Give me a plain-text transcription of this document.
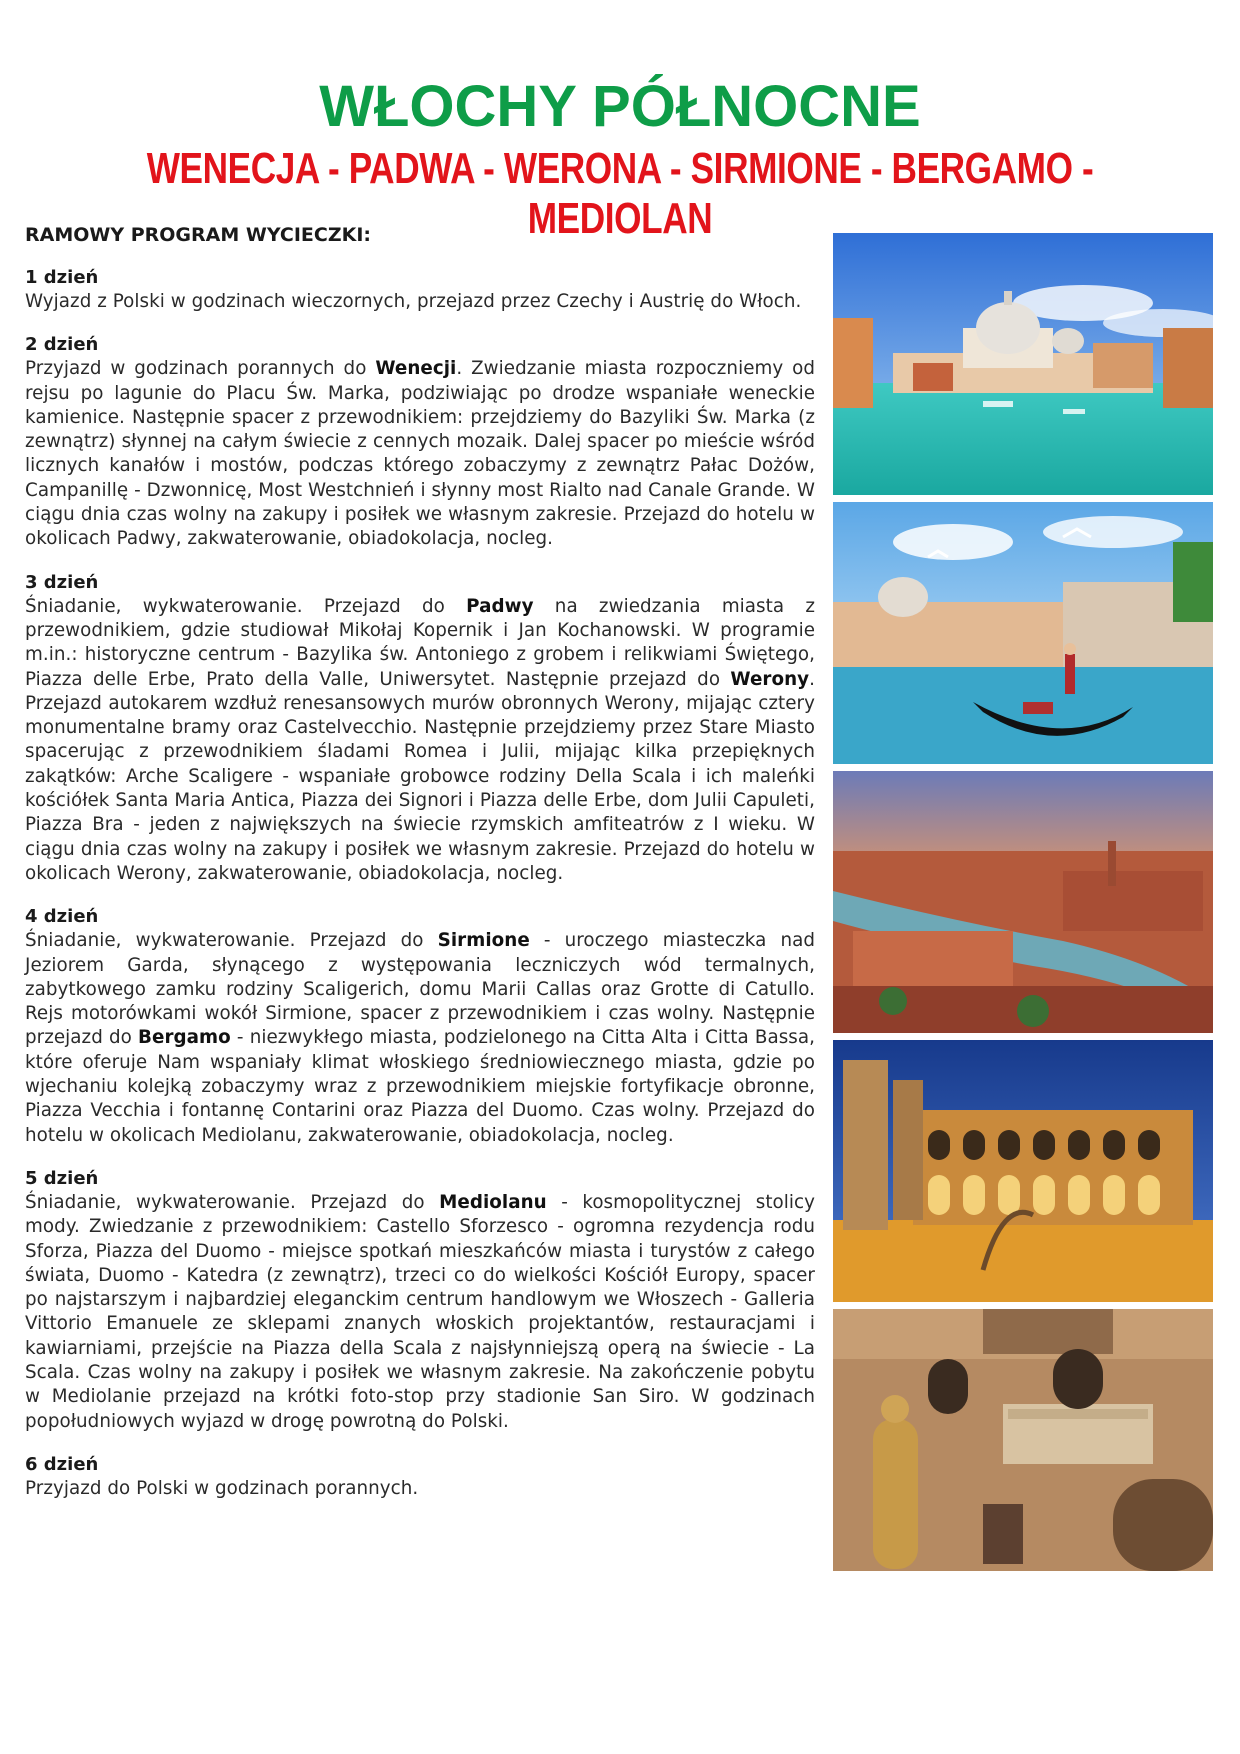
WŁOCHY PÓŁNOCNE
WENECJA - PADWA - WERONA - SIRMIONE - BERGAMO - MEDIOLAN

RAMOWY PROGRAM WYCIECZKI:

1 dzień

Wyjazd z Polski w godzinach wieczornych, przejazd przez Czechy i Austrię do Włoch.

2 dzień

Przyjazd w godzinach porannych do Wenecji. Zwiedzanie miasta rozpoczniemy od rejsu po lagunie do Placu Św. Marka, podziwiając po drodze wspaniałe weneckie kamienice. Następnie spacer z przewodnikiem: przejdziemy do Bazyliki Św. Marka (z zewnątrz) słynnej na całym świecie z cennych mozaik. Dalej spacer po mieście wśród licznych kanałów i mostów, podczas którego zobaczymy z zewnątrz Pałac Dożów, Campanillę - Dzwonnicę, Most Westchnień i słynny most Rialto nad Canale Grande. W ciągu dnia czas wolny na zakupy i posiłek we własnym zakresie. Przejazd do hotelu w okolicach Padwy, zakwaterowanie, obiadokolacja, nocleg.

3 dzień

Śniadanie, wykwaterowanie. Przejazd do Padwy na zwiedzania miasta z przewodnikiem, gdzie studiował Mikołaj Kopernik i Jan Kochanowski. W programie m.in.: historyczne centrum - Bazylika św. Antoniego z grobem i relikwiami Świętego, Piazza delle Erbe, Prato della Valle, Uniwersytet. Następnie przejazd do Werony. Przejazd autokarem wzdłuż renesansowych murów obronnych Werony, mijając cztery monumentalne bramy oraz Castelvecchio. Następnie przejdziemy przez Stare Miasto spacerując z przewodnikiem śladami Romea i Julii, mijając kilka przepięknych zakątków: Arche Scaligere - wspaniałe grobowce rodziny Della Scala i ich maleńki kościółek Santa Maria Antica, Piazza dei Signori i Piazza delle Erbe, dom Julii Capuleti, Piazza Bra - jeden z największych na świecie rzymskich amfiteatrów z I wieku. W ciągu dnia czas wolny na zakupy i posiłek we własnym zakresie. Przejazd do hotelu w okolicach Werony, zakwaterowanie, obiadokolacja, nocleg.

4 dzień

Śniadanie, wykwaterowanie. Przejazd do Sirmione - uroczego miasteczka nad Jeziorem Garda, słynącego z występowania leczniczych wód termalnych, zabytkowego zamku rodziny Scaligerich, domu Marii Callas oraz Grotte di Catullo. Rejs motorówkami wokół Sirmione, spacer z przewodnikiem i czas wolny. Następnie przejazd do Bergamo - niezwykłego miasta, podzielonego na Citta Alta i Citta Bassa, które oferuje Nam wspaniały klimat włoskiego średniowiecznego miasta, gdzie po wjechaniu kolejką zobaczymy wraz z przewodnikiem miejskie fortyfikacje obronne, Piazza Vecchia i fontannę Contarini oraz Piazza del Duomo. Czas wolny. Przejazd do hotelu w okolicach Mediolanu, zakwaterowanie, obiadokolacja, nocleg.

5 dzień

Śniadanie, wykwaterowanie. Przejazd do Mediolanu - kosmopolitycznej stolicy mody. Zwiedzanie z przewodnikiem: Castello Sforzesco - ogromna rezydencja rodu Sforza, Piazza del Duomo - miejsce spotkań mieszkańców miasta i turystów z całego świata, Duomo - Katedra (z zewnątrz), trzeci co do wielkości Kościół Europy, spacer po najstarszym i najbardziej eleganckim centrum handlowym we Włoszech - Galleria Vittorio Emanuele ze sklepami znanych włoskich projektantów, restauracjami i kawiarniami, przejście na Piazza della Scala z najsłynniejszą operą na świecie - La Scala. Czas wolny na zakupy i posiłek we własnym zakresie. Na zakończenie pobytu w Mediolanie przejazd na krótki foto-stop przy stadionie San Siro. W godzinach popołudniowych wyjazd w drogę powrotną do Polski.

6 dzień

Przyjazd do Polski w godzinach porannych.
